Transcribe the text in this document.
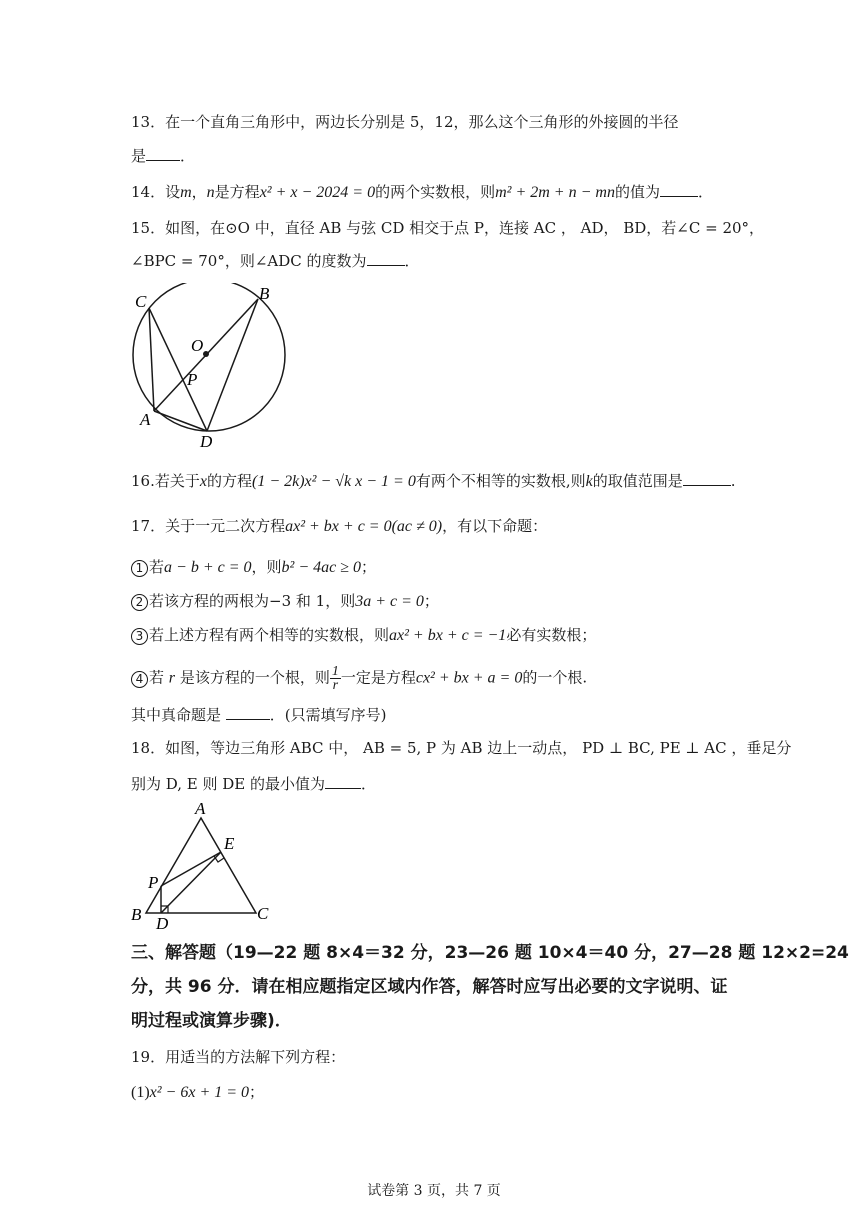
13．在一个直角三角形中，两边长分别是 5，12，那么这个三角形的外接圆的半径
是 ．
14．设m，n是方程x² + x − 2024 = 0的两个实数根，则m² + 2m + n − mn的值为	．
15．如图，在⊙O 中，直径 AB 与弦 CD 相交于点 P，连接 AC ， AD， BD，若∠C = 20°，
∠BPC = 70°，则∠ADC 的度数为	．
C	B
O
P
A
D
16.若关于x的方程(1 − 2k)x² − √k x − 1 = 0有两个不相等的实数根,则k的取值范围是	.
17．关于一元二次方程ax² + bx + c = 0(ac ≠ 0)，有以下命题：
1 若a − b + c = 0，则b² − 4ac ≥ 0；
2 若该方程的两根为−3 和 1，则3a + c = 0；
3 若上述方程有两个相等的实数根，则ax² + bx + c = −1必有实数根；
4 若 r 是该方程的一个根，则 $\frac{1}{r}$ 一定是方程cx² + bx + a = 0的一个根.
其中真命题是	．(只需填写序号)
18．如图，等边三角形 ABC 中， AB = 5, P 为 AB 边上一动点， PD ⊥ BC, PE ⊥ AC ，垂足分
别为 D, E 则 DE 的最小值为 ．
A
E
P
B D
C
三、解答题（19—22 题 8×4＝32 分，23—26 题 10×4＝40 分，27—28 题 12×2=24
分，共 96 分．请在相应题指定区域内作答，解答时应写出必要的文字说明、证
明过程或演算步骤)．
19．用适当的方法解下列方程：
(1)x² − 6x + 1 = 0；
试卷第 3 页，共 7 页
